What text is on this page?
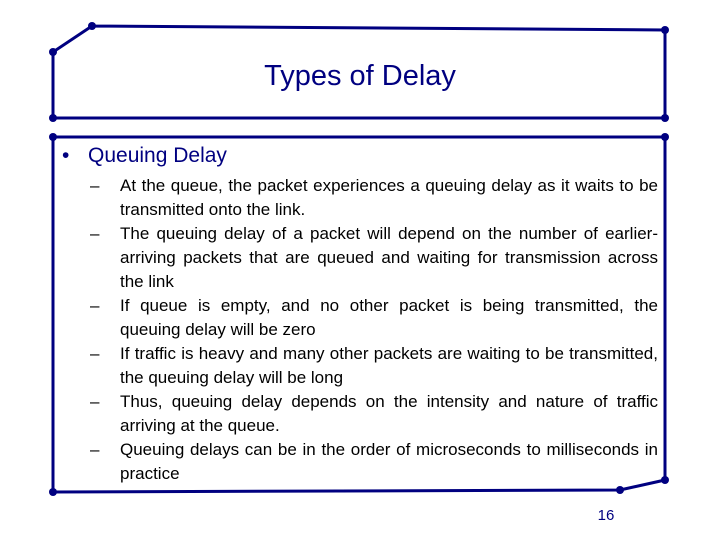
Types of Delay
• Queuing Delay
–	At the queue, the packet experiences a queuing delay as it waits to be transmitted onto the link.
–	The queuing delay of a packet will depend on the number of earlier-arriving packets that are queued and waiting for transmission across the link
–	If queue is empty, and no other packet is being transmitted, the queuing delay will be zero
–	If traffic is heavy and many other packets are waiting to be transmitted, the queuing delay will be long
–	Thus, queuing delay depends on the intensity and nature of traffic arriving at the queue.
–	Queuing delays can be in the order of microseconds to milliseconds in practice
16
